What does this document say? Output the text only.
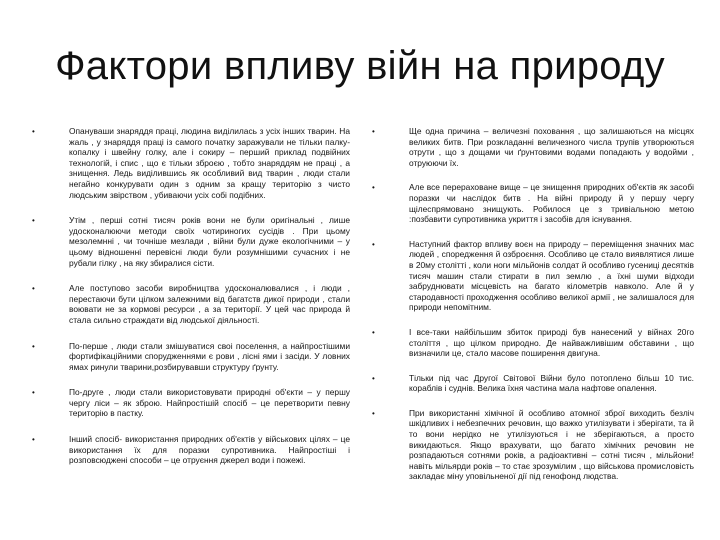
Фактори впливу війн на природу
•	Опануваши знаряддя праці, людина виділилась з усіх інших тварин. На жаль , у знаряддя праці із самого початку заражували не тільки палку-копалку і швейну голку, але і сокиру – перший приклад подвійних технологій, і спис , що є тільки зброєю , тобто знаряддям не праці , а знищення. Ледь виділившись як особливий вид тварин , люди стали негайно конкурувати один з одним за кращу територію з чисто людським звірством , убиваючи усіх собі подібних.
•	Утім , перші сотні тисяч років вони не були оригінальні , лише удосконалюючи методи своїх чотириногих сусідів . При цьому мезолемнні , чи точніше мезлади , війни були дуже екологічними – у цьому відношенні перевісні люди були розумнішими сучасних і не рубали гілку , на яку збиралися сісти.
•	Але поступово засоби виробництва удосконалювалися , і люди , перестаючи бути цілком залежними від багатств дикої природи , стали воювати не за кормові ресурси , а за території. У цей час природа й стала сильно страждати від людської діяльності.
•	По-перше , люди стали змішуватися своі поселення, а найпростішими фортифікаційними спорудженнями є рови , лісні ями і засіди. У ловних ямах ринули тварини,розбирувавши структуру ґрунту.
•	По-друге , люди стали використовувати природні об'єкти – у першу чергу ліси – як зброю. Найпростішій спосіб – це перетворити певну територію в пастку.
•	Інший спосіб- використання природних об'єктів у військових цілях – це використання їх для поразки супротивника. Найпростіші і розповсюджені способи – це отруєння джерел води і пожежі.
•	Ще одна причина – величезні поховання , що залишаються на місцях великих битв. При розкладанні величезного числа трупів утворюються отрути , що з дощами чи ґрунтовими водами попадають у водойми , отруюючи їх.
•	Але все перераховане вище – це знищення природних об'єктів як засобі поразки чи наслідок битв . На війні природу й у першу чергу щілеспрямовано знищують. Робилося це з тривіальною метою :позбавити супротивника укриття і засобів для існування.
•	Наступний фактор впливу воєн на природу – переміщення значних мас людей , споредження й озброєння. Особливо це стало виявлятися лише в 20му столітті , коли ноги мільйонів солдат й особливо гусениці десятків тисяч машин стали стирати в пил землю , а їхні шуми відходи забруднювати місцевість на багато кілометрів навколо. Але й у стародавності проходження особливо великої армії , не залишалося для природи непомітним.
•	І все-таки найбільшим збиток природі був нанесений у війнах 20го століття , що цілком природно. Де найважливішим обставини , що визначили це, стало масове поширення двигуна.
•	Тільки під час Другої Світової Війни було потоплено більш 10 тис. кораблів і суднів. Велика їхня частина мала нафтове опалення.
•	При використанні хімічної й особливо атомної зброї виходить безліч шкідливих і небезпечних речовин, що важко утилізувати і зберігати, та й то вони нерідко не утилізуються і не зберігаються, а просто викидаються. Якщо врахувати, що багато хімічних речовин не розпадаються сотнями років, а радіоактивні – сотні тисяч , мільйони! навіть мільярди років – то стає зрозумілим , що військова промисловість закладає міну уповільненої дії під генофонд людства.
